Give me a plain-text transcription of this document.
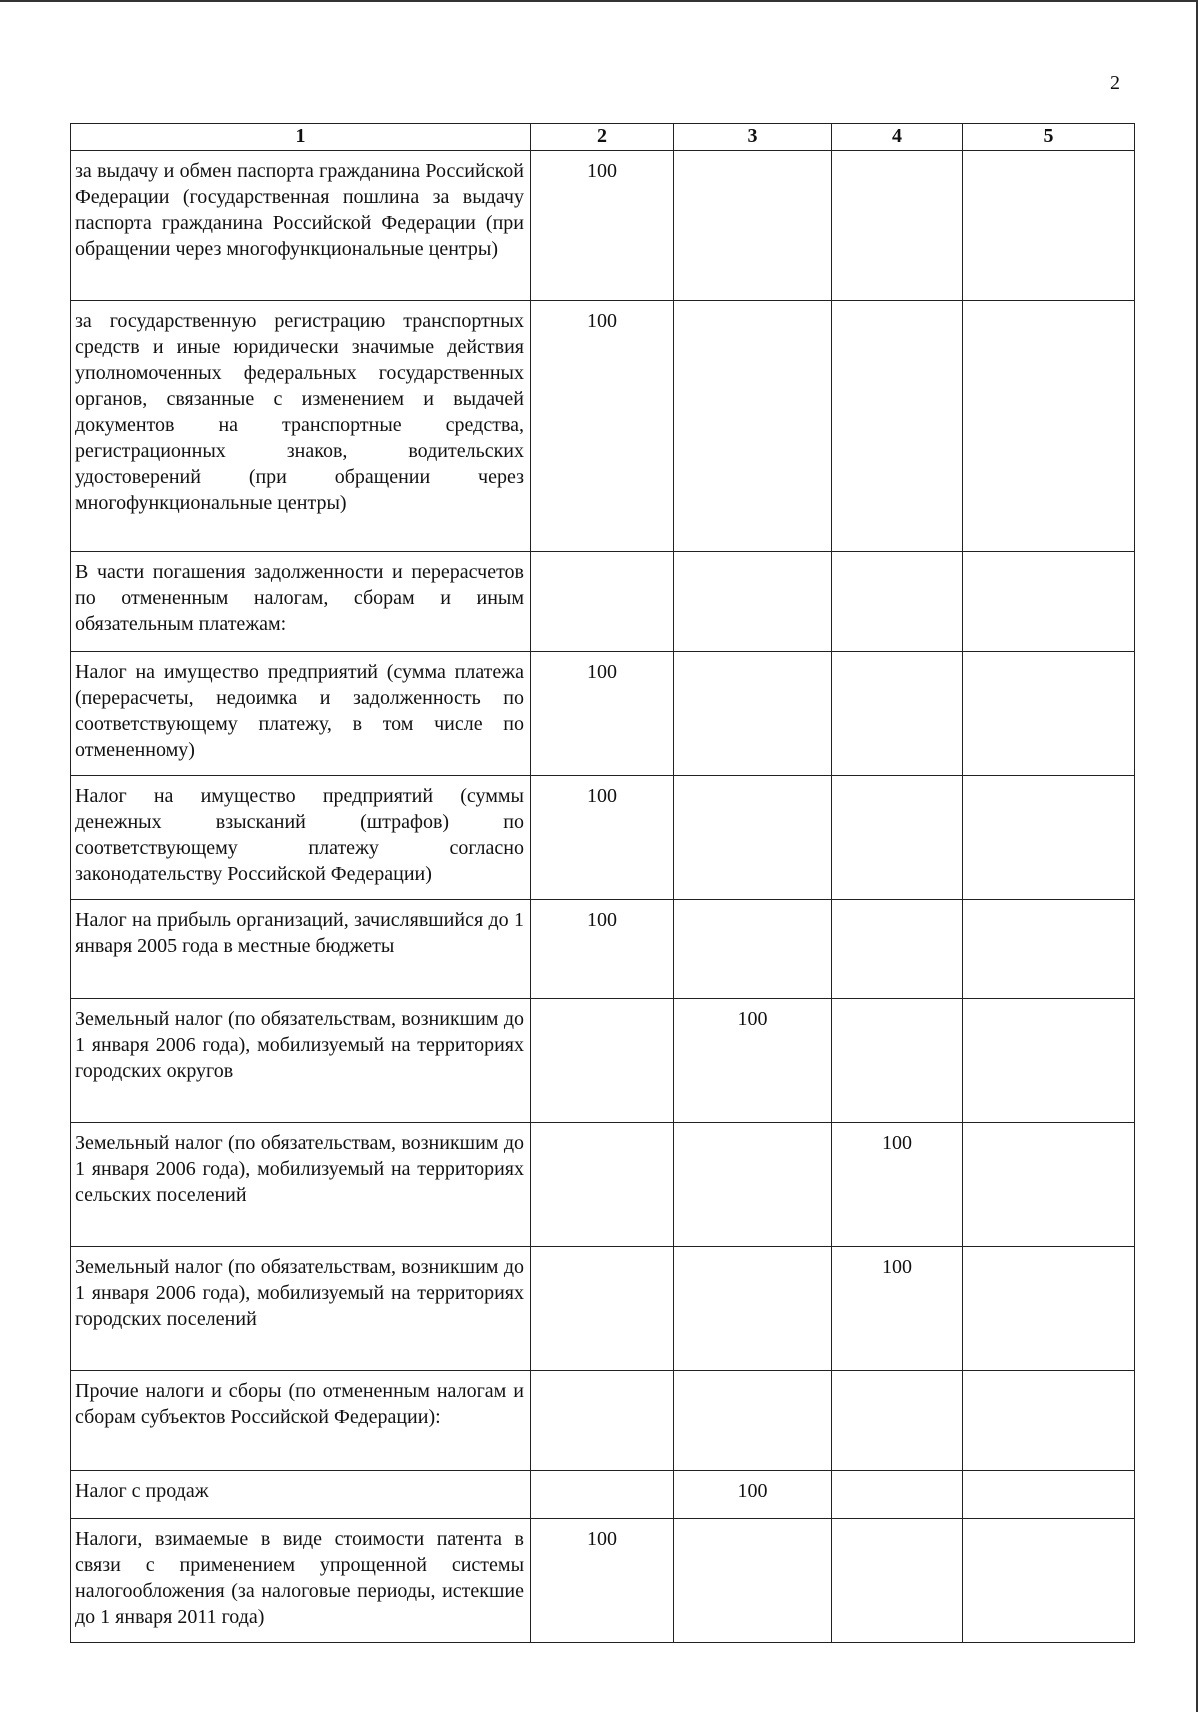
2
1	2	3	4	5
за выдачу и обмен паспорта гражданина Российской Федерации (государственная пошлина за выдачу паспорта гражданина Российской Федерации (при обращении через многофункциональные центры)	100			
за государственную регистрацию транспортных средств и иные юридически значимые действия уполномоченных федеральных государственных органов, связанные с изменением и выдачей документов на транспортные средства, регистрационных знаков, водительских удостоверений (при обращении через многофункциональные центры)	100			
В части погашения задолженности и перерасчетов по отмененным налогам, сборам и иным обязательным платежам:				
Налог на имущество предприятий (сумма платежа (перерасчеты, недоимка и задолженность по соответствующему платежу, в том числе по отмененному)	100			
Налог на имущество предприятий (суммы денежных взысканий (штрафов) по соответствующему платежу согласно законодательству Российской Федерации)	100			
Налог на прибыль организаций, зачислявшийся до 1 января 2005 года в местные бюджеты	100			
Земельный налог (по обязательствам, возникшим до 1 января 2006 года), мобилизуемый на территориях городских округов		100		
Земельный налог (по обязательствам, возникшим до 1 января 2006 года), мобилизуемый на территориях сельских поселений			100	
Земельный налог (по обязательствам, возникшим до 1 января 2006 года), мобилизуемый на территориях городских поселений			100	
Прочие налоги и сборы (по отмененным налогам и сборам субъектов Российской Федерации):				
Налог с продаж		100		
Налоги, взимаемые в виде стоимости патента в связи с применением упрощенной системы налогообложения (за налоговые периоды, истекшие до 1 января 2011 года)	100			
